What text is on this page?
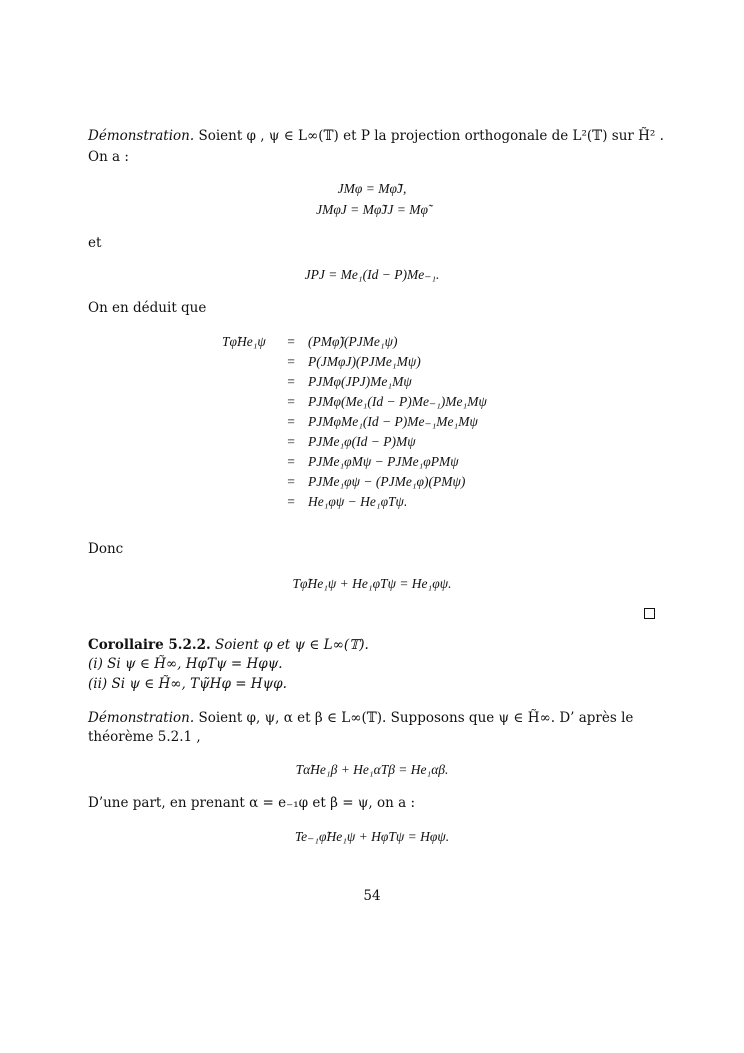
Démonstration. Soient φ , ψ ∈ L∞(𝕋) et P la projection orthogonale de L²(𝕋) sur H̃² .
On a :
JMφ = Mφ̃J,
JMφJ = Mφ̃JJ = Mφ̃
et
JPJ = Me₁(Id − P)Me₋₁.
On en déduit que
Tφ̃He₁ψ	= (PMφ̃)(PJMe₁ψ)
= P(JMφJ)(PJMe₁Mψ)
= PJMφ(JPJ)Me₁Mψ
= PJMφ(Me₁(Id − P)Me₋₁)Me₁Mψ
= PJMφMe₁(Id − P)Me₋₁Me₁Mψ
= PJMe₁φ(Id − P)Mψ
= PJMe₁φMψ − PJMe₁φPMψ
= PJMe₁φψ − (PJMe₁φ)(PMψ)
= He₁φψ − He₁φTψ.
Donc
Tφ̃He₁ψ + He₁φTψ = He₁φψ.
Corollaire 5.2.2. Soient φ et ψ ∈ L∞(𝕋).
(i) Si ψ ∈ H̃∞, HφTψ = Hφψ.
(ii) Si ψ ∈ H̃∞, Tψ̃Hφ = Hψφ.
Démonstration. Soient φ, ψ, α et β ∈ L∞(𝕋). Supposons que ψ ∈ H̃∞. D’ après le
théorème 5.2.1 ,
Tα̃He₁β + He₁αTβ = He₁αβ.
D’une part, en prenant α = e₋₁φ et β = ψ, on a :
Te₋₁φ̃He₁ψ + HφTψ = Hφψ.
54
